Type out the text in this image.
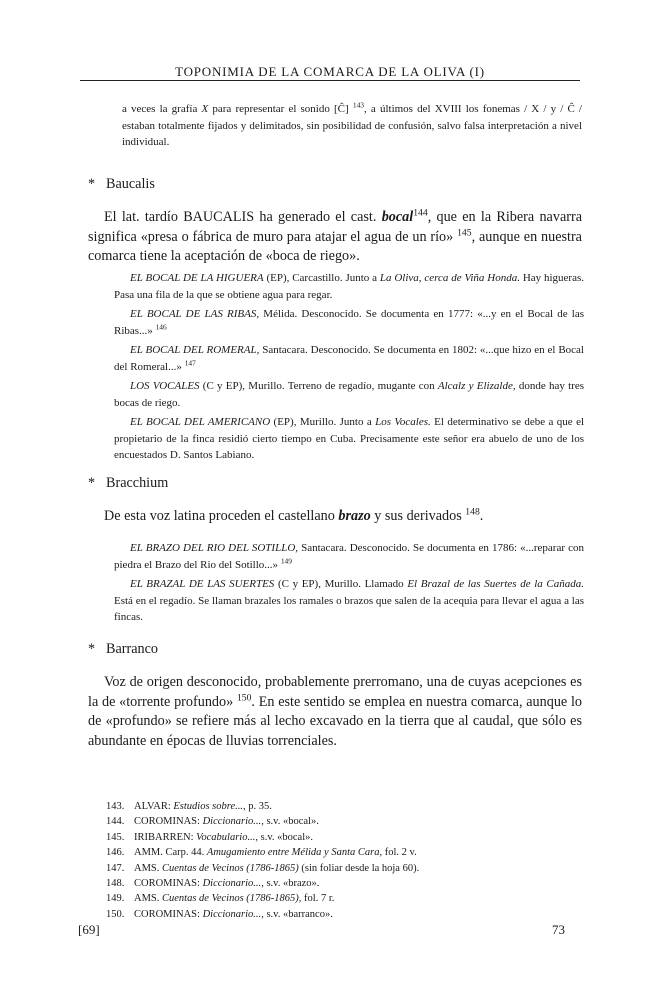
TOPONIMIA DE LA COMARCA DE LA OLIVA (I)
a veces la grafía X para representar el sonido [Ĉ] $^{143}$, a últimos del XVIII los fonemas / X / y / Ĉ / estaban totalmente fijados y delimitados, sin posibilidad de confusión, salvo falsa interpretación a nivel individual.
* Baucalis
El lat. tardío BAUCALIS ha generado el cast. bocal$^{144}$, que en la Ribera navarra significa «presa o fábrica de muro para atajar el agua de un río» $^{145}$, aunque en nuestra comarca tiene la aceptación de «boca de riego».
EL BOCAL DE LA HIGUERA (EP), Carcastillo. Junto a La Oliva, cerca de Viña Honda. Hay higueras. Pasa una fila de la que se obtiene agua para regar.
EL BOCAL DE LAS RIBAS, Mélida. Desconocido. Se documenta en 1777: «...y en el Bocal de las Ribas...» $^{146}$
EL BOCAL DEL ROMERAL, Santacara. Desconocido. Se documenta en 1802: «...que hizo en el Bocal del Romeral...» $^{147}$
LOS VOCALES (C y EP), Murillo. Terreno de regadío, mugante con Alcalz y Elizalde, donde hay tres bocas de riego.
EL BOCAL DEL AMERICANO (EP), Murillo. Junto a Los Vocales. El determinativo se debe a que el propietario de la finca residió cierto tiempo en Cuba. Precisamente este señor era abuelo de uno de los encuestados D. Santos Labiano.
* Bracchium
De esta voz latina proceden el castellano brazo y sus derivados $^{148}$.
EL BRAZO DEL RIO DEL SOTILLO, Santacara. Desconocido. Se documenta en 1786: «...reparar con piedra el Brazo del Rio del Sotillo...» $^{149}$
EL BRAZAL DE LAS SUERTES (C y EP), Murillo. Llamado El Brazal de las Suertes de la Cañada. Está en el regadío. Se llaman brazales los ramales o brazos que salen de la acequia para llevar el agua a las fincas.
* Barranco
Voz de origen desconocido, probablemente prerromano, una de cuyas acepciones es la de «torrente profundo» $^{150}$. En este sentido se emplea en nuestra comarca, aunque lo de «profundo» se refiere más al lecho excavado en la tierra que al caudal, que sólo es abundante en épocas de lluvias torrenciales.
143. ALVAR: Estudios sobre..., p. 35.
144. COROMINAS: Diccionario..., s.v. «bocal».
145. IRIBARREN: Vocabulario..., s.v. «bocal».
146. AMM. Carp. 44. Amugamiento entre Mélida y Santa Cara, fol. 2 v.
147. AMS. Cuentas de Vecinos (1786-1865) (sin foliar desde la hoja 60).
148. COROMINAS: Diccionario..., s.v. «brazo».
149. AMS. Cuentas de Vecinos (1786-1865), fol. 7 r.
150. COROMINAS: Diccionario..., s.v. «barranco».
[69]	73
